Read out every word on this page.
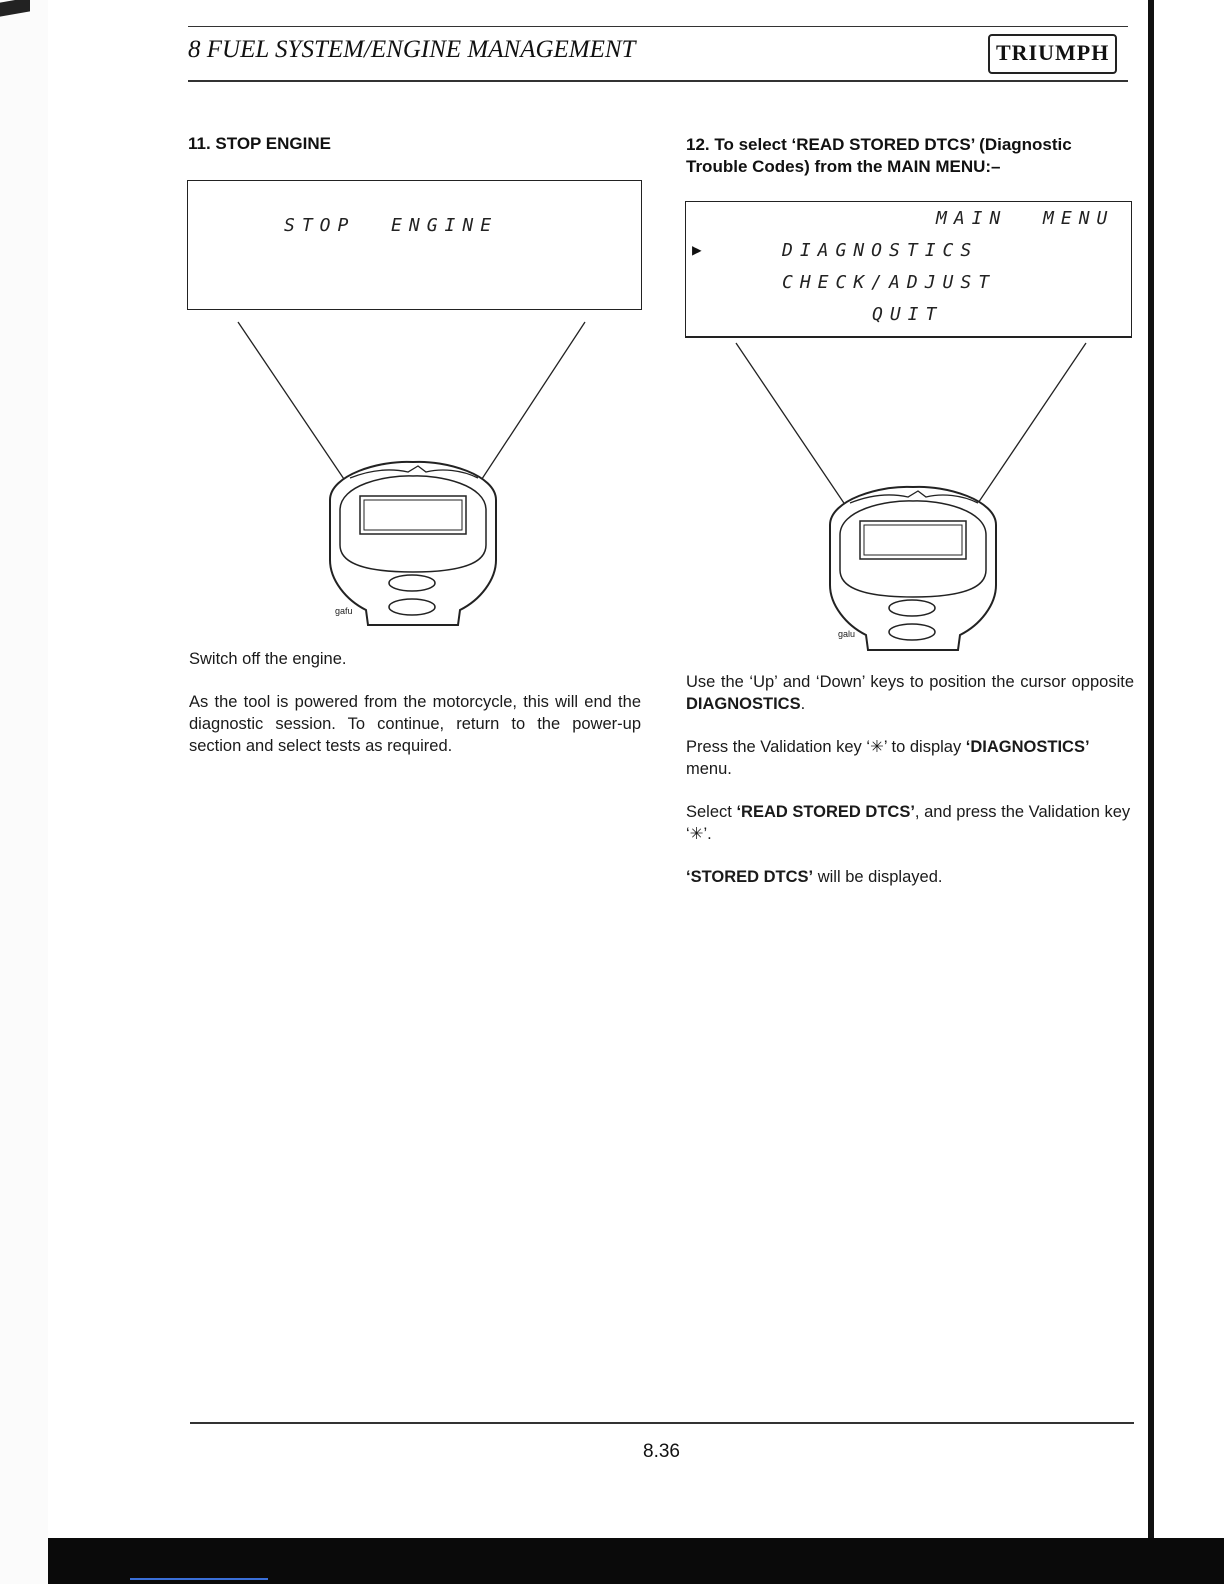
8 FUEL SYSTEM/ENGINE MANAGEMENT	TRIUMPH
11. STOP ENGINE
STOP  ENGINE
gafu

Switch off the engine.

As the tool is powered from the motorcycle, this will end the diagnostic session. To continue, return to the power-up section and select tests as required.

12. To select ‘READ STORED DTCS’ (Diagnostic Trouble Codes) from the MAIN MENU:–
MAIN  MENU
▶	DIAGNOSTICS
CHECK/ADJUST
QUIT
galu

Use the ‘Up’ and ‘Down’ keys to position the cursor opposite DIAGNOSTICS.

Press the Validation key ‘✳’ to display ‘DIAGNOSTICS’ menu.

Select ‘READ STORED DTCS’, and press the Validation key ‘✳’.

‘STORED DTCS’ will be displayed.

8.36
